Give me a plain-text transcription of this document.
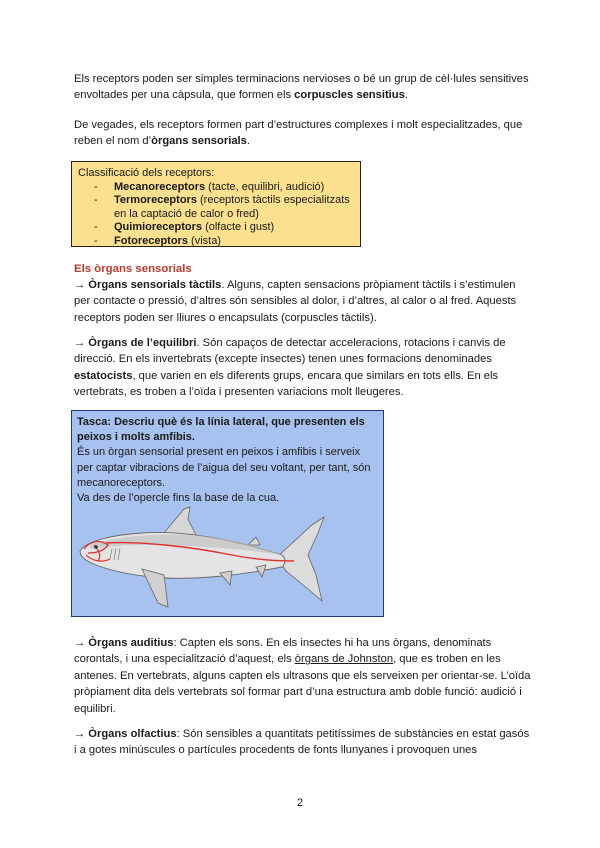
Els receptors poden ser simples terminacions nervioses o bé un grup de cèl·lules sensitives envoltades per una càpsula, que formen els corpuscles sensitius.

De vegades, els receptors formen part d’estructures complexes i molt especialitzades, que reben el nom d’òrgans sensorials.

Classificació dels receptors:
- Mecanoreceptors (tacte, equilibri, audició)
- Termoreceptors (receptors tàctils especialitzats en la captació de calor o fred)
- Quimioreceptors (olfacte i gust)
- Fotoreceptors (vista)
Els òrgans sensorials

→ Òrgans sensorials tàctils. Alguns, capten sensacions pròpiament tàctils i s’estimulen per contacte o pressió, d’altres són sensibles al dolor, i d’altres, al calor o al fred. Aquests receptors poden ser lliures o encapsulats (corpuscles tàctils).

→ Òrgans de l’equilibri. Són capaços de detectar acceleracions, rotacions i canvis de direcció. En els invertebrats (excepte insectes) tenen unes formacions denominades estatocists, que varien en els diferents grups, encara que similars en tots ells. En els vertebrats, es troben a l’oïda i presenten variacions molt lleugeres.

Tasca: Descriu què és la línia lateral, que presenten els peixos i molts amfibis.
És un òrgan sensorial present en peixos i amfibis i serveix per captar vibracions de l’aigua del seu voltant, per tant, són mecanoreceptors.
Va des de l’opercle fins la base de la cua.

→ Òrgans auditius: Capten els sons. En els insectes hi ha uns òrgans, denominats corontals, i una especialització d’aquest, els òrgans de Johnston, que es troben en les antenes. En vertebrats, alguns capten els ultrasons que els serveixen per orientar-se. L’oïda pròpiament dita dels vertebrats sol formar part d’una estructura amb doble funció: audició i equilibri.

→ Òrgans olfactius: Són sensibles a quantitats petitíssimes de substàncies en estat gasós i a gotes minúscules o partícules procedents de fonts llunyanes i provoquen unes

2
